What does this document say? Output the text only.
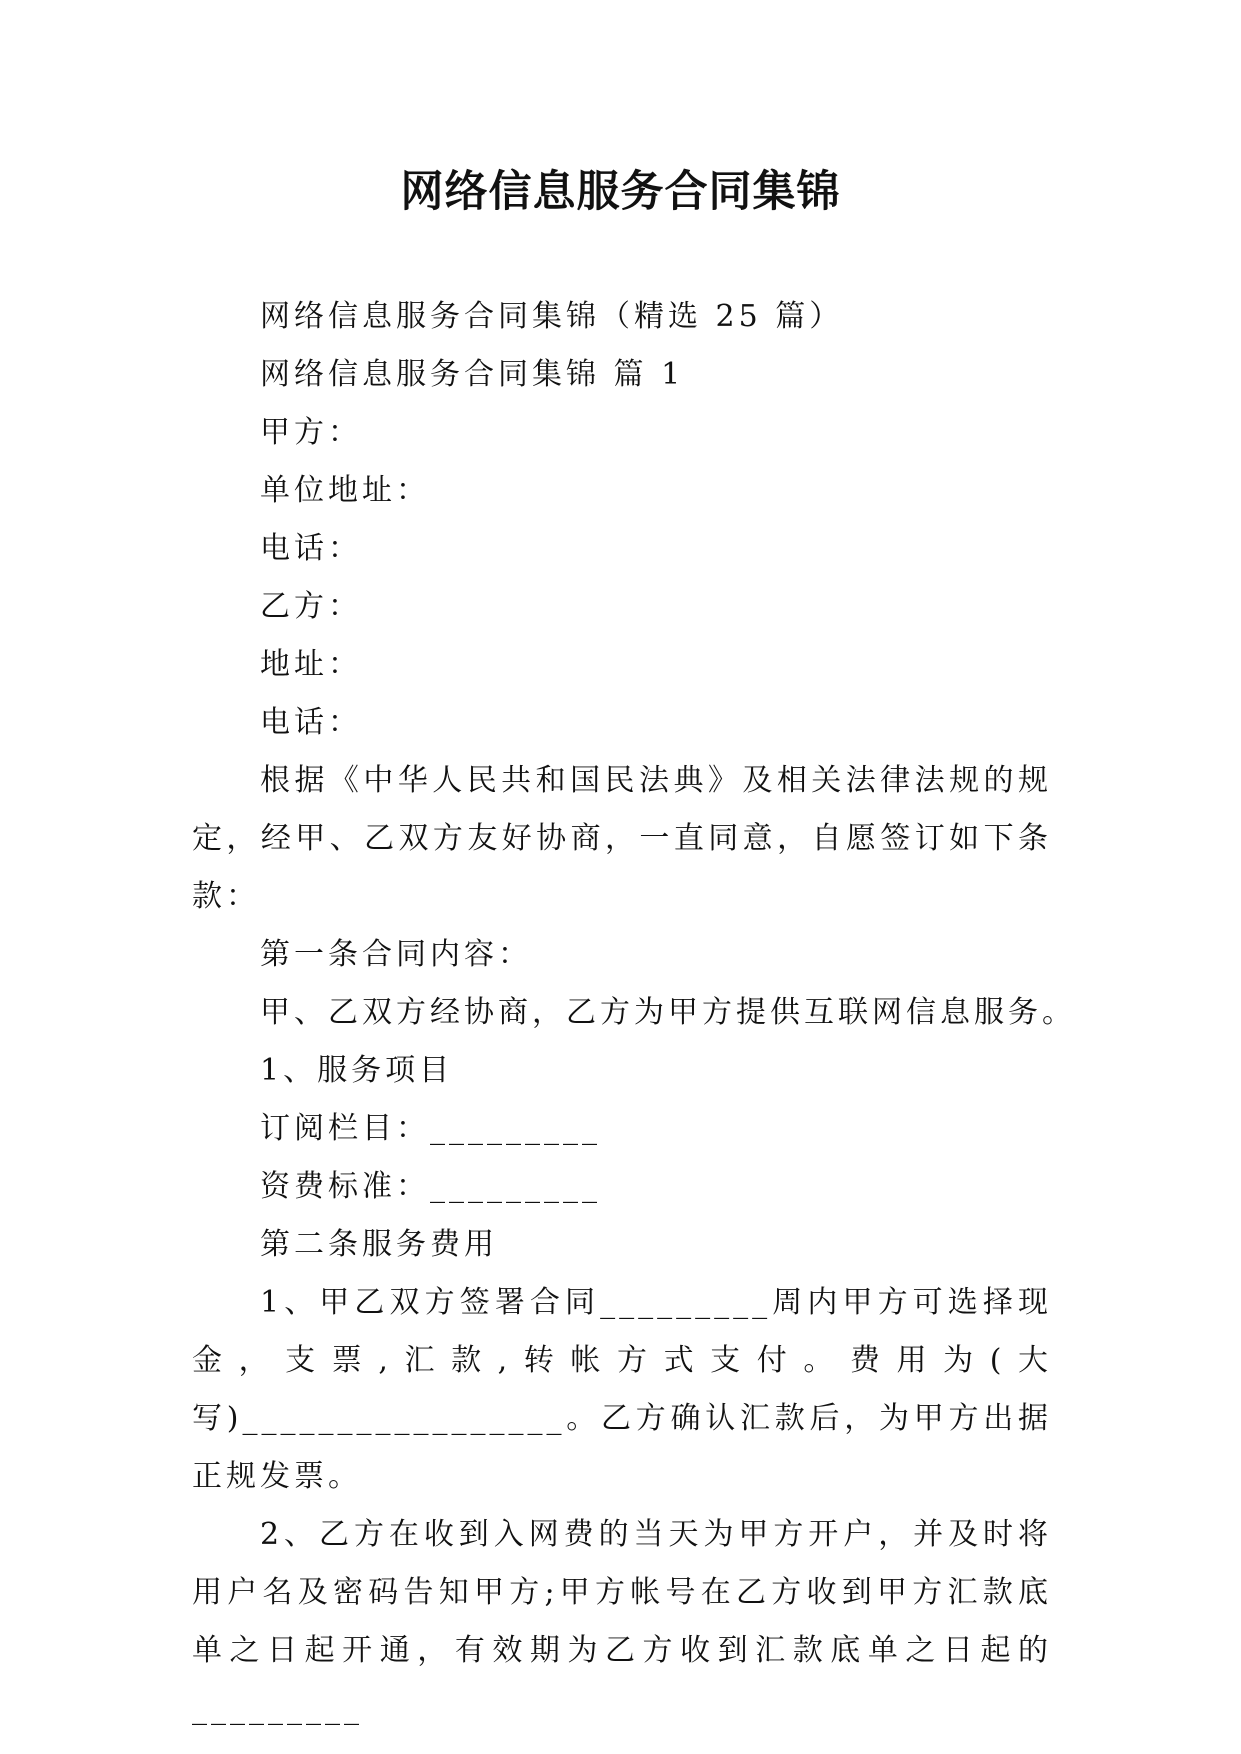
网络信息服务合同集锦

网络信息服务合同集锦（精选 25 篇）

网络信息服务合同集锦 篇 1

甲方：

单位地址：

电话：

乙方：

地址：

电话：

根据《中华人民共和国民法典》及相关法律法规的规定，经甲、乙双方友好协商，一直同意，自愿签订如下条款：

第一条合同内容：

甲、乙双方经协商，乙方为甲方提供互联网信息服务。

1、服务项目

订阅栏目：_________

资费标准：_________

第二条服务费用

1、甲乙双方签署合同_________周内甲方可选择现金，支票,汇款,转帐方式支付。费用为(大写)_________________。乙方确认汇款后，为甲方出据正规发票。

2、乙方在收到入网费的当天为甲方开户，并及时将用户名及密码告知甲方;甲方帐号在乙方收到甲方汇款底单之日起开通，有效期为乙方收到汇款底单之日起的_________
